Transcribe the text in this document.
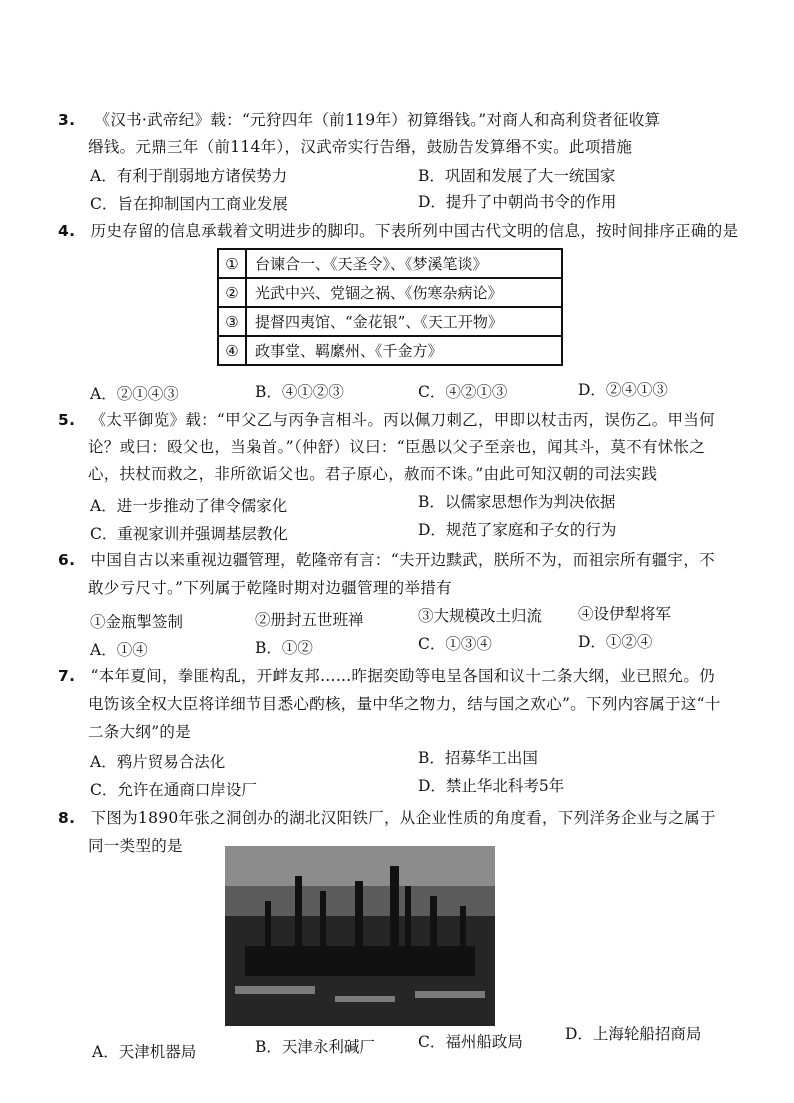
3. 《汉书·武帝纪》载：“元狩四年（前119年）初算缗钱。”对商人和高利贷者征收算
缗钱。元鼎三年（前114年），汉武帝实行告缗，鼓励告发算缗不实。此项措施
A．有利于削弱地方诸侯势力	B．巩固和发展了大一统国家
C．旨在抑制国内工商业发展	D．提升了中朝尚书令的作用
4. 历史存留的信息承载着文明进步的脚印。下表所列中国古代文明的信息，按时间排序正确的是
①	台谏合一、《天圣令》、《梦溪笔谈》
②	光武中兴、党锢之祸、《伤寒杂病论》
③	提督四夷馆、“金花银”、《天工开物》
④	政事堂、羁縻州、《千金方》
A．②①④③	B．④①②③	C．④②①③	D．②④①③
5. 《太平御览》载：“甲父乙与丙争言相斗。丙以佩刀刺乙，甲即以杖击丙，误伤乙。甲当何
论？或曰：殴父也，当枭首。”（仲舒）议曰：“臣愚以父子至亲也，闻其斗，莫不有怵怅之
心，扶杖而救之，非所欲诟父也。君子原心，赦而不诛。”由此可知汉朝的司法实践
A．进一步推动了律令儒家化	B．以儒家思想作为判决依据
C．重视家训并强调基层教化	D．规范了家庭和子女的行为
6. 中国自古以来重视边疆管理，乾隆帝有言：“夫开边黩武，朕所不为，而祖宗所有疆宇，不
敢少亏尺寸。”下列属于乾隆时期对边疆管理的举措有
①金瓶掣签制	②册封五世班禅	③大规模改土归流 ④设伊犁将军
A．①④	B．①②	C．①③④	D．①②④
7. “本年夏间，拳匪构乱，开衅友邦……昨据奕劻等电呈各国和议十二条大纲，业已照允。仍
电饬该全权大臣将详细节目悉心酌核，量中华之物力，结与国之欢心”。下列内容属于这“十
二条大纲”的是
A．鸦片贸易合法化	B．招募华工出国
C．允许在通商口岸设厂	D．禁止华北科考5年
8. 下图为1890年张之洞创办的湖北汉阳铁厂，从企业性质的角度看，下列洋务企业与之属于
同一类型的是
A．天津机器局	B．天津永利碱厂	C．福州船政局	D．上海轮船招商局
